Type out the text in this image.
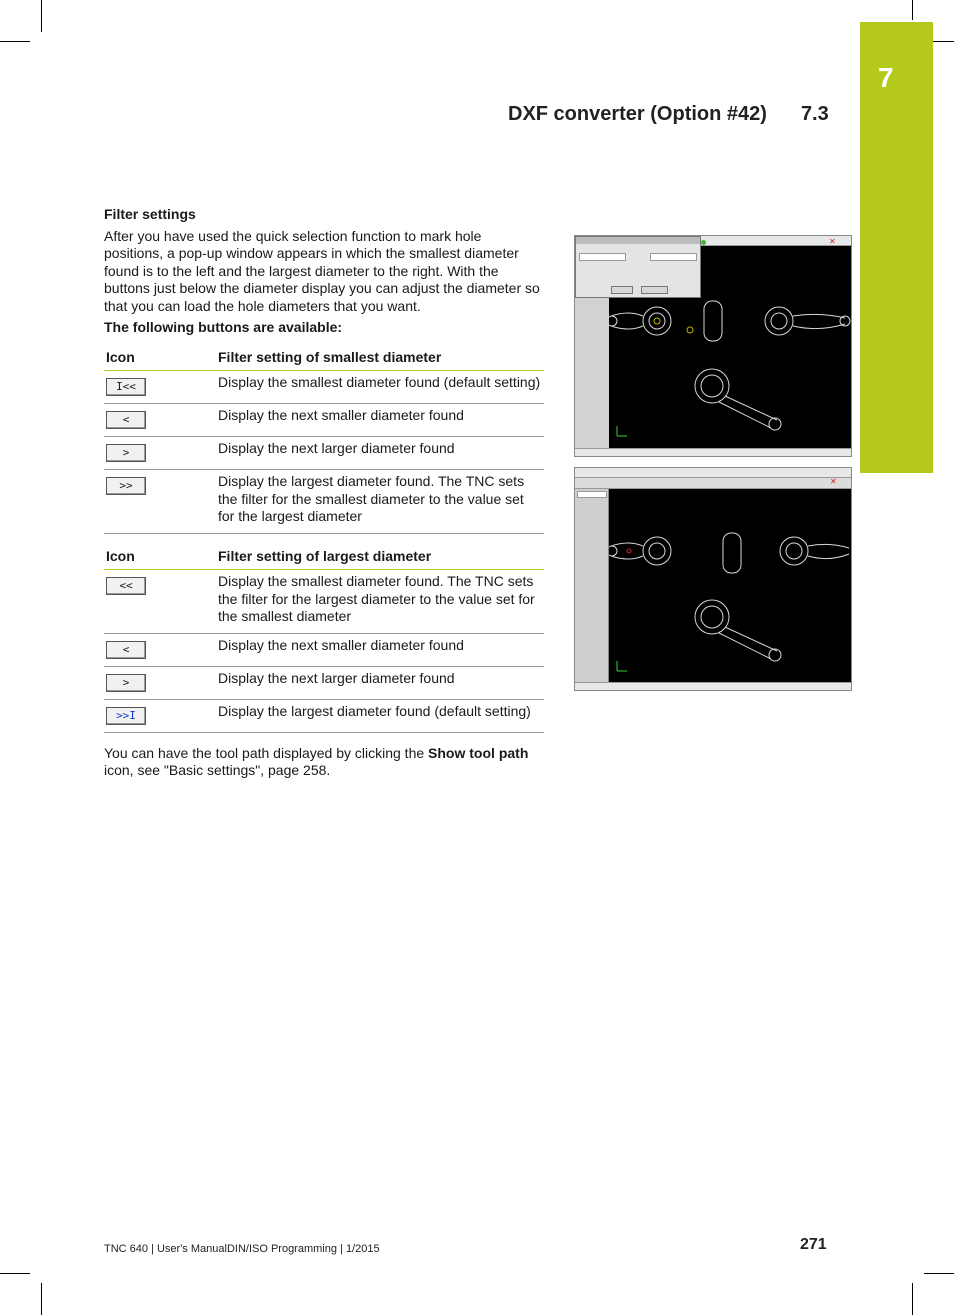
7
DXF converter (Option #42) 7.3
Filter settings

After you have used the quick selection function to mark hole positions, a pop-up window appears in which the smallest diameter found is to the left and the largest diameter to the right. With the buttons just below the diameter display you can adjust the diameter so that you can load the hole diameters that you want.

The following buttons are available:

Icon	Filter setting of smallest diameter
I<<	Display the smallest diameter found (default setting)
<	Display the next smaller diameter found
>	Display the next larger diameter found
>>	Display the largest diameter found. The TNC sets the filter for the smallest diameter to the value set for the largest diameter
Icon	Filter setting of largest diameter
<<	Display the smallest diameter found. The TNC sets the filter for the largest diameter to the value set for the smallest diameter
<	Display the next smaller diameter found
>	Display the next larger diameter found
>>I	Display the largest diameter found (default setting)

You can have the tool path displayed by clicking the Show tool path icon, see "Basic settings", page 258.

✕
✕
TNC 640 | User's ManualDIN/ISO Programming | 1/2015	271
